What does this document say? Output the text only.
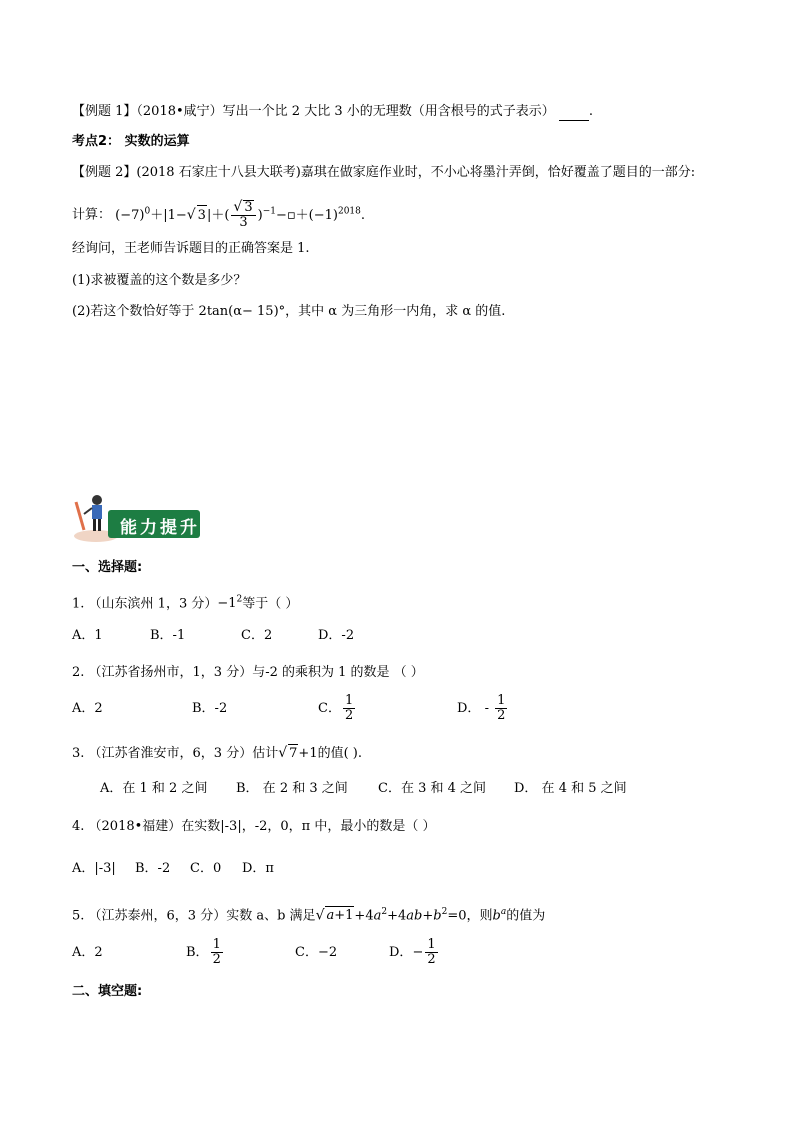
【例题 1】（2018•咸宁）写出一个比 2 大比 3 小的无理数（用含根号的式子表示）	.
考点2： 实数的运算
【例题 2】(2018 石家庄十八县大联考)嘉琪在做家庭作业时，不小心将墨汁弄倒，恰好覆盖了题目的一部分:
计算： $(-7)^0+|1-√$ $3|+( \frac{√ 3}{3}$ )$^{-1}-▫+(-1)^{2018}$.
经询问，王老师告诉题目的正确答案是 1.
(1)求被覆盖的这个数是多少？
(2)若这个数恰好等于 2tan(α− 15)°，其中 α 为三角形一内角，求 α 的值.
能力提升
一、选择题:
1. （山东滨州 1，3 分）$-1^2$等于（ ）
A．1	B．-1	C．2	D．-2
2. （江苏省扬州市，1，3 分）与-2 的乘积为 1 的数是 （ ）
A．2	B．-2	C． $\frac{1}{2}$	D． - $\frac{1}{2}$
3. （江苏省淮安市，6，3 分）估计√ 7+1的值( ).
A．在 1 和 2 之间 B． 在 2 和 3 之间 C．在 3 和 4 之间 D． 在 4 和 5 之间
4. （2018•福建）在实数|-3|，-2，0，π 中，最小的数是（ ）
A．|-3| B．-2 C．0 D．π
5. （江苏泰州，6，3 分）实数 a、b 满足√ $a+1+4a^2+4ab+b^2=0$，则$b^a$的值为
A．2	B． $\frac{1}{2}$	C．−2	D．− $\frac{1}{2}$
二、填空题:
